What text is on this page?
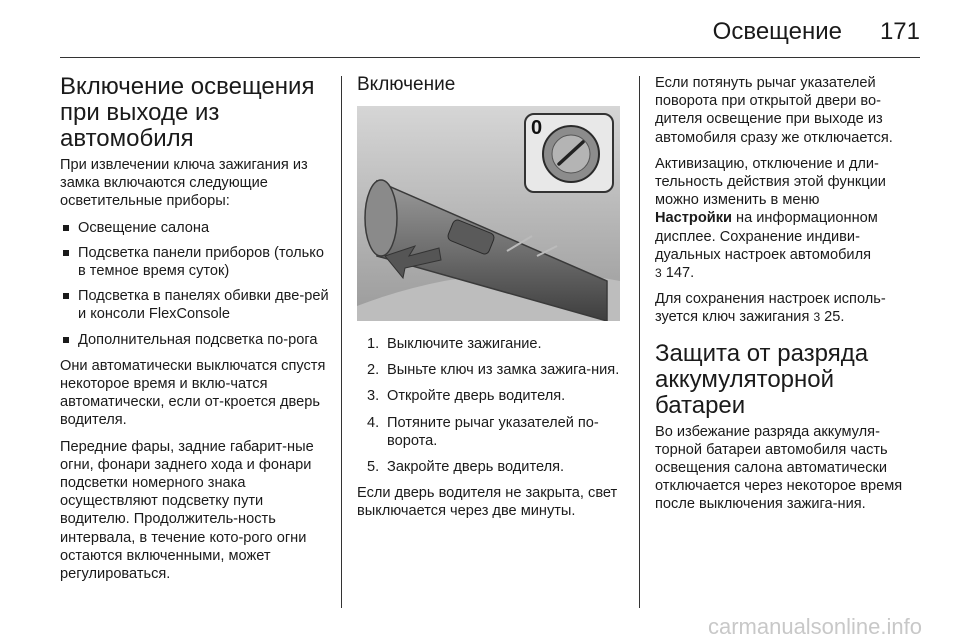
Освещение 171
Включение освещения при выходе из автомобиля

При извлечении ключа зажигания из замка включаются следующие осветительные приборы:

Освещение салона
Подсветка панели приборов (только в темное время суток)
Подсветка в панелях обивки две-рей и консоли FlexConsole
Дополнительная подсветка по-рога

Они автоматически выключатся спустя некоторое время и вклю-чатся автоматически, если от-кроется дверь водителя.

Передние фары, задние габарит-ные огни, фонари заднего хода и фонари подсветки номерного знака осуществляют подсветку пути водителю. Продолжитель-ность интервала, в течение кото-рого огни остаются включенными, может регулироваться.

Включение
0
1. Выключите зажигание.
2. Выньте ключ из замка зажига-ния.
3. Откройте дверь водителя.
4. Потяните рычаг указателей по-ворота.
5. Закройте дверь водителя.

Если дверь водителя не закрыта, свет выключается через две минуты.

Если потянуть рычаг указателей поворота при открытой двери во-дителя освещение при выходе из автомобиля сразу же отключается.

Активизацию, отключение и дли-тельность действия этой функции можно изменить в меню
Настройки на информационном дисплее. Сохранение индиви-дуальных настроек автомобиля
3 147.

Для сохранения настроек исполь-зуется ключ зажигания 3 25.

Защита от разряда аккумуляторной батареи

Во избежание разряда аккумуля-торной батареи автомобиля часть освещения салона автоматически отключается через некоторое время после выключения зажига-ния.

carmanualsonline.info
